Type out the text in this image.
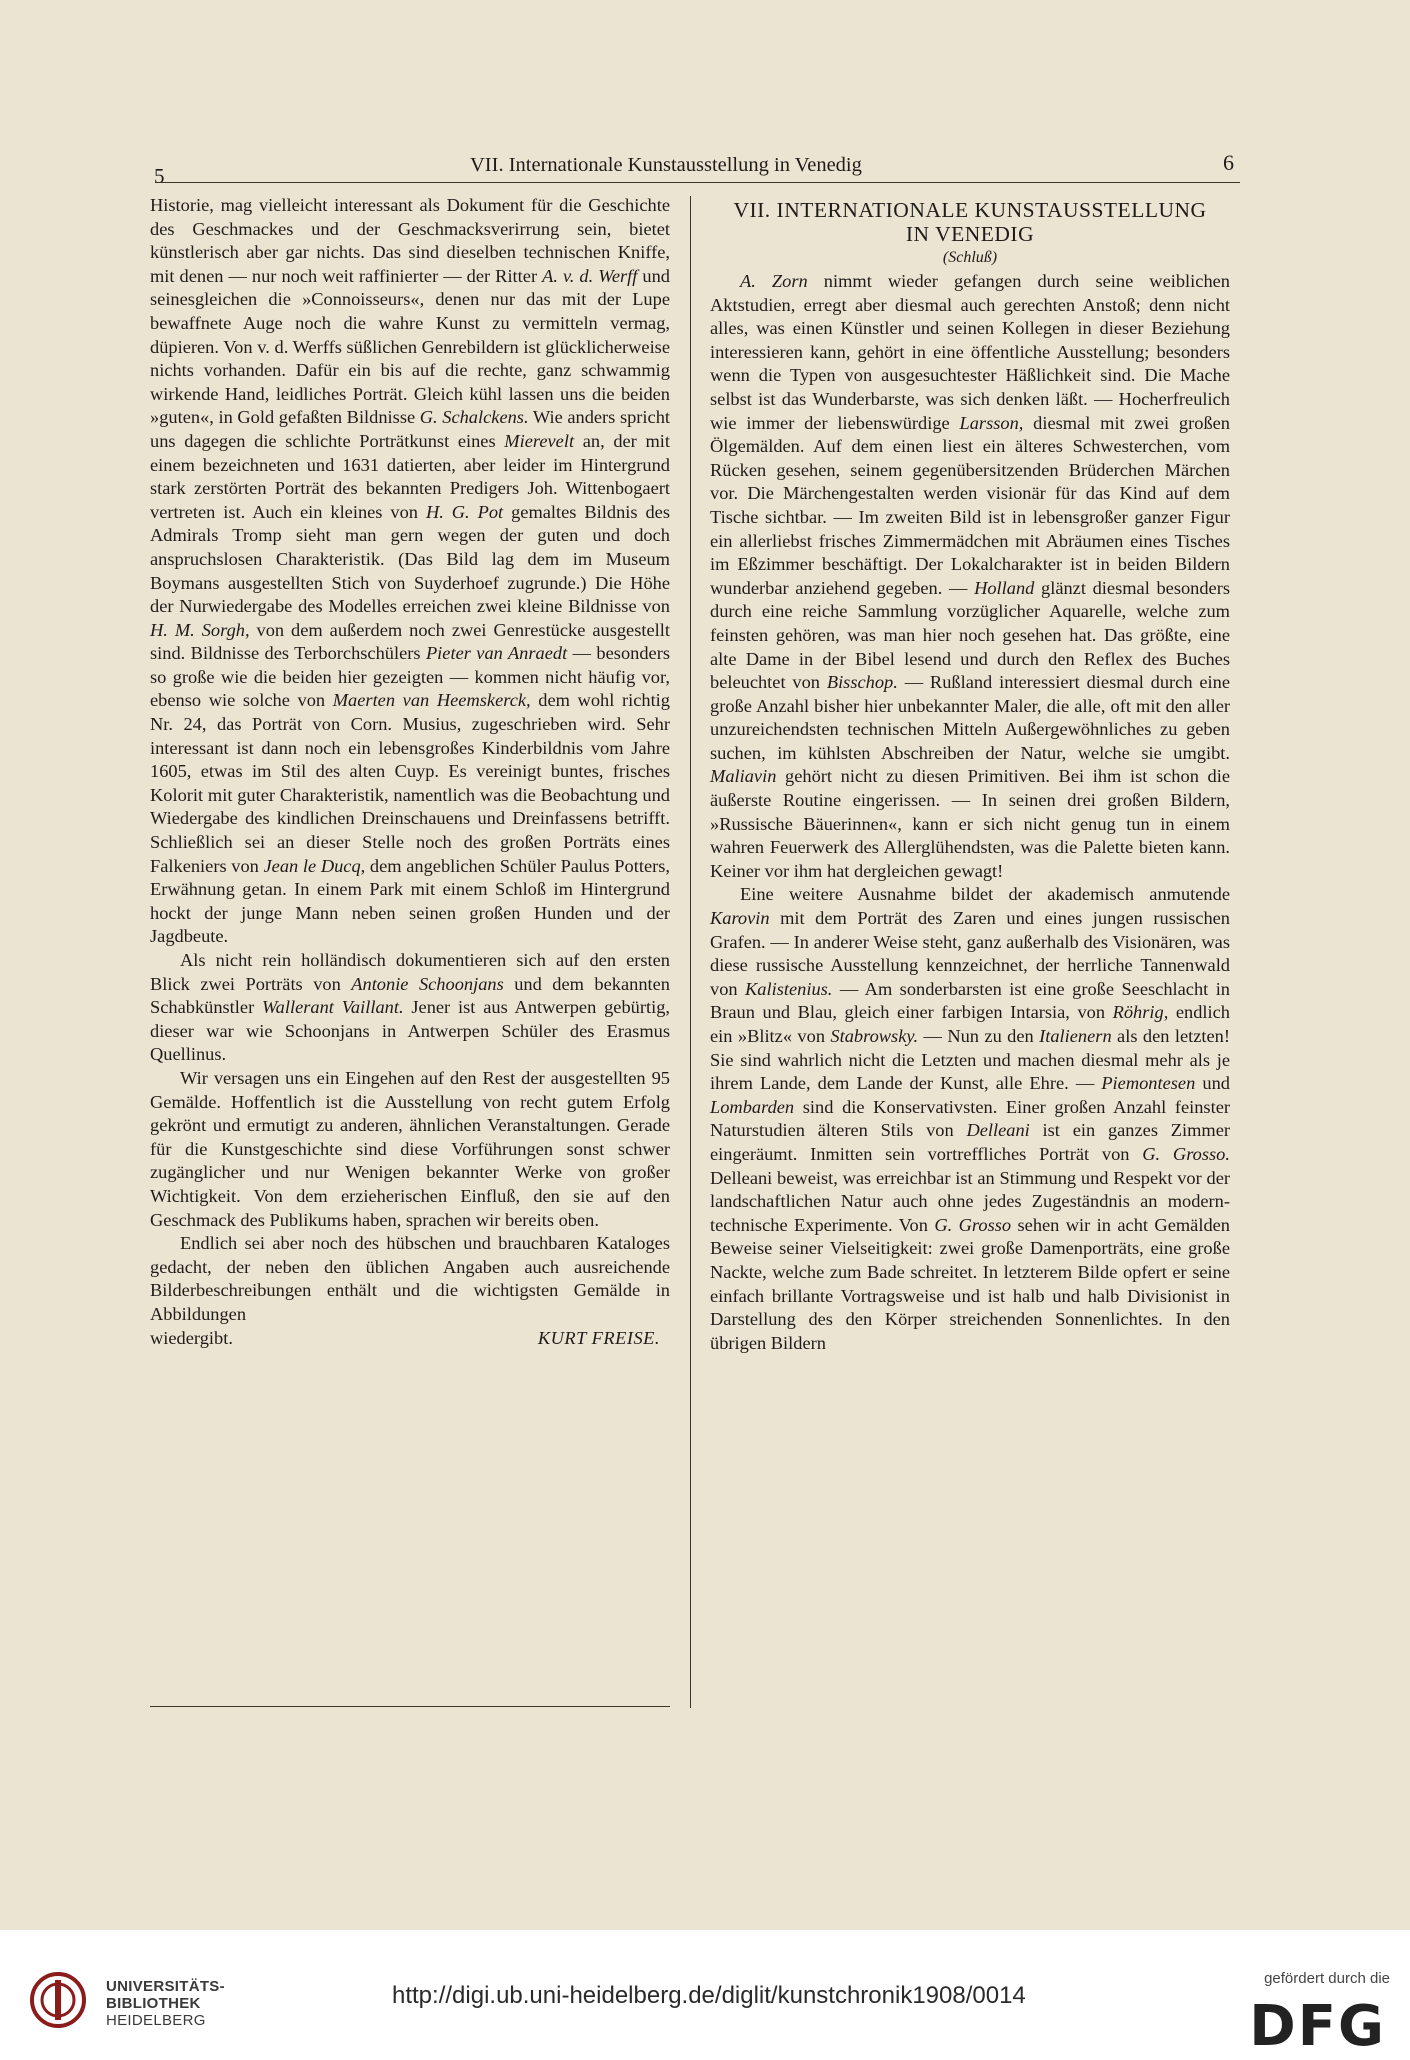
5	VII. Internationale Kunstausstellung in Venedig	6

Historie, mag vielleicht interessant als Dokument für die Geschichte des Geschmackes und der Geschmacksverirrung sein, bietet künstlerisch aber gar nichts. Das sind dieselben technischen Kniffe, mit denen — nur noch weit raffinierter — der Ritter A. v. d. Werff und seinesgleichen die »Connoisseurs«, denen nur das mit der Lupe bewaffnete Auge noch die wahre Kunst zu vermitteln vermag, düpieren. Von v. d. Werffs süßlichen Genrebildern ist glücklicherweise nichts vorhanden. Dafür ein bis auf die rechte, ganz schwammig wirkende Hand, leidliches Porträt. Gleich kühl lassen uns die beiden »guten«, in Gold gefaßten Bildnisse G. Schalckens. Wie anders spricht uns dagegen die schlichte Porträtkunst eines Mierevelt an, der mit einem bezeichneten und 1631 datierten, aber leider im Hintergrund stark zerstörten Porträt des bekannten Predigers Joh. Wittenbogaert vertreten ist. Auch ein kleines von H. G. Pot gemaltes Bildnis des Admirals Tromp sieht man gern wegen der guten und doch anspruchslosen Charakteristik. (Das Bild lag dem im Museum Boymans ausgestellten Stich von Suyderhoef zugrunde.) Die Höhe der Nurwiedergabe des Modelles erreichen zwei kleine Bildnisse von H. M. Sorgh, von dem außerdem noch zwei Genrestücke ausgestellt sind. Bildnisse des Terborchschülers Pieter van Anraedt — besonders so große wie die beiden hier gezeigten — kommen nicht häufig vor, ebenso wie solche von Maerten van Heemskerck, dem wohl richtig Nr. 24, das Porträt von Corn. Musius, zugeschrieben wird. Sehr interessant ist dann noch ein lebensgroßes Kinderbildnis vom Jahre 1605, etwas im Stil des alten Cuyp. Es vereinigt buntes, frisches Kolorit mit guter Charakteristik, namentlich was die Beobachtung und Wiedergabe des kindlichen Dreinschauens und Dreinfassens betrifft. Schließlich sei an dieser Stelle noch des großen Porträts eines Falkeniers von Jean le Ducq, dem angeblichen Schüler Paulus Potters, Erwähnung getan. In einem Park mit einem Schloß im Hintergrund hockt der junge Mann neben seinen großen Hunden und der Jagdbeute.

Als nicht rein holländisch dokumentieren sich auf den ersten Blick zwei Porträts von Antonie Schoonjans und dem bekannten Schabkünstler Wallerant Vaillant. Jener ist aus Antwerpen gebürtig, dieser war wie Schoonjans in Antwerpen Schüler des Erasmus Quellinus.

Wir versagen uns ein Eingehen auf den Rest der ausgestellten 95 Gemälde. Hoffentlich ist die Ausstellung von recht gutem Erfolg gekrönt und ermutigt zu anderen, ähnlichen Veranstaltungen. Gerade für die Kunstgeschichte sind diese Vorführungen sonst schwer zugänglicher und nur Wenigen bekannter Werke von großer Wichtigkeit. Von dem erzieherischen Einfluß, den sie auf den Geschmack des Publikums haben, sprachen wir bereits oben.

Endlich sei aber noch des hübschen und brauchbaren Kataloges gedacht, der neben den üblichen Angaben auch ausreichende Bilderbeschreibungen enthält und die wichtigsten Gemälde in Abbildungen

wiedergibt.	KURT FREISE.
VII. INTERNATIONALE KUNSTAUSSTELLUNG
IN VENEDIG
(Schluß)

A. Zorn nimmt wieder gefangen durch seine weiblichen Aktstudien, erregt aber diesmal auch gerechten Anstoß; denn nicht alles, was einen Künstler und seinen Kollegen in dieser Beziehung interessieren kann, gehört in eine öffentliche Ausstellung; besonders wenn die Typen von ausgesuchtester Häßlichkeit sind. Die Mache selbst ist das Wunderbarste, was sich denken läßt. — Hocherfreulich wie immer der liebenswürdige Larsson, diesmal mit zwei großen Ölgemälden. Auf dem einen liest ein älteres Schwesterchen, vom Rücken gesehen, seinem gegenübersitzenden Brüderchen Märchen vor. Die Märchengestalten werden visionär für das Kind auf dem Tische sichtbar. — Im zweiten Bild ist in lebensgroßer ganzer Figur ein allerliebst frisches Zimmermädchen mit Abräumen eines Tisches im Eßzimmer beschäftigt. Der Lokalcharakter ist in beiden Bildern wunderbar anziehend gegeben. — Holland glänzt diesmal besonders durch eine reiche Sammlung vorzüglicher Aquarelle, welche zum feinsten gehören, was man hier noch gesehen hat. Das größte, eine alte Dame in der Bibel lesend und durch den Reflex des Buches beleuchtet von Bisschop. — Rußland interessiert diesmal durch eine große Anzahl bisher hier unbekannter Maler, die alle, oft mit den aller unzureichendsten technischen Mitteln Außergewöhnliches zu geben suchen, im kühlsten Abschreiben der Natur, welche sie umgibt. Maliavin gehört nicht zu diesen Primitiven. Bei ihm ist schon die äußerste Routine eingerissen. — In seinen drei großen Bildern, »Russische Bäuerinnen«, kann er sich nicht genug tun in einem wahren Feuerwerk des Allerglühendsten, was die Palette bieten kann. Keiner vor ihm hat dergleichen gewagt!

Eine weitere Ausnahme bildet der akademisch anmutende Karovin mit dem Porträt des Zaren und eines jungen russischen Grafen. — In anderer Weise steht, ganz außerhalb des Visionären, was diese russische Ausstellung kennzeichnet, der herrliche Tannenwald von Kalistenius. — Am sonderbarsten ist eine große Seeschlacht in Braun und Blau, gleich einer farbigen Intarsia, von Röhrig, endlich ein »Blitz« von Stabrowsky. — Nun zu den Italienern als den letzten! Sie sind wahrlich nicht die Letzten und machen diesmal mehr als je ihrem Lande, dem Lande der Kunst, alle Ehre. — Piemontesen und Lombarden sind die Konservativsten. Einer großen Anzahl feinster Naturstudien älteren Stils von Delleani ist ein ganzes Zimmer eingeräumt. Inmitten sein vortreffliches Porträt von G. Grosso. Delleani beweist, was erreichbar ist an Stimmung und Respekt vor der landschaftlichen Natur auch ohne jedes Zugeständnis an modern-technische Experimente. Von G. Grosso sehen wir in acht Gemälden Beweise seiner Vielseitigkeit: zwei große Damenporträts, eine große Nackte, welche zum Bade schreitet. In letzterem Bilde opfert er seine einfach brillante Vortragsweise und ist halb und halb Divisionist in Darstellung des den Körper streichenden Sonnenlichtes. In den übrigen Bildern

UNIVERSITÄTS-
BIBLIOTHEK
HEIDELBERG
http://digi.ub.uni-heidelberg.de/diglit/kunstchronik1908/0014
gefördert durch die
DFG
